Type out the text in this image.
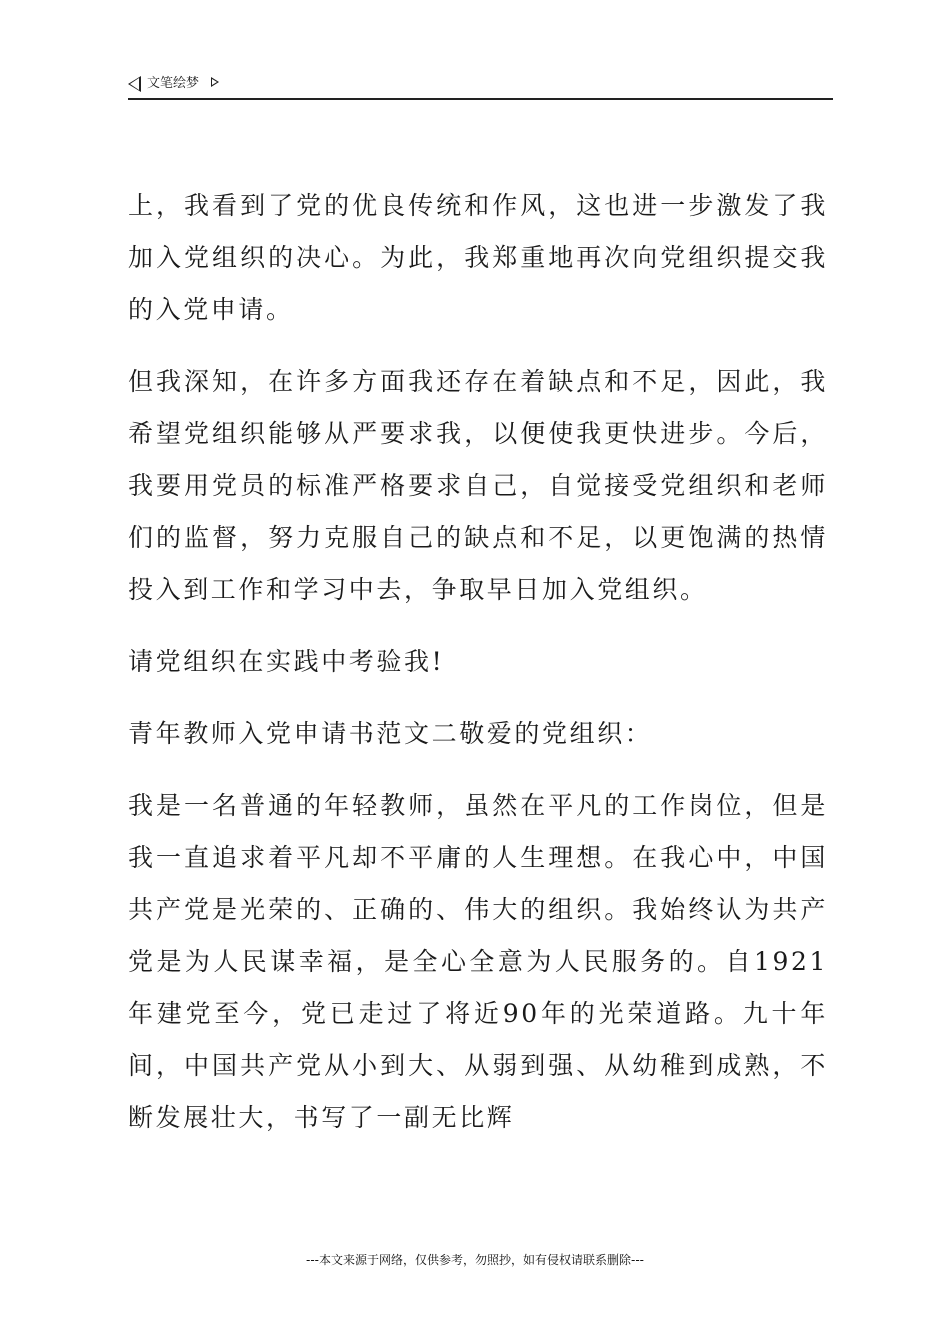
文笔绘梦

上，我看到了党的优良传统和作风，这也进一步激发了我加入党组织的决心。为此，我郑重地再次向党组织提交我的入党申请。

但我深知，在许多方面我还存在着缺点和不足，因此，我希望党组织能够从严要求我，以便使我更快进步。今后，我要用党员的标准严格要求自己，自觉接受党组织和老师们的监督，努力克服自己的缺点和不足，以更饱满的热情投入到工作和学习中去，争取早日加入党组织。

请党组织在实践中考验我!

青年教师入党申请书范文二敬爱的党组织：

我是一名普通的年轻教师，虽然在平凡的工作岗位，但是我一直追求着平凡却不平庸的人生理想。在我心中，中国共产党是光荣的、正确的、伟大的组织。我始终认为共产党是为人民谋幸福，是全心全意为人民服务的。自1921年建党至今，党已走过了将近90年的光荣道路。九十年间，中国共产党从小到大、从弱到强、从幼稚到成熟，不断发展壮大，书写了一副无比辉

---本文来源于网络，仅供参考，勿照抄，如有侵权请联系删除---
